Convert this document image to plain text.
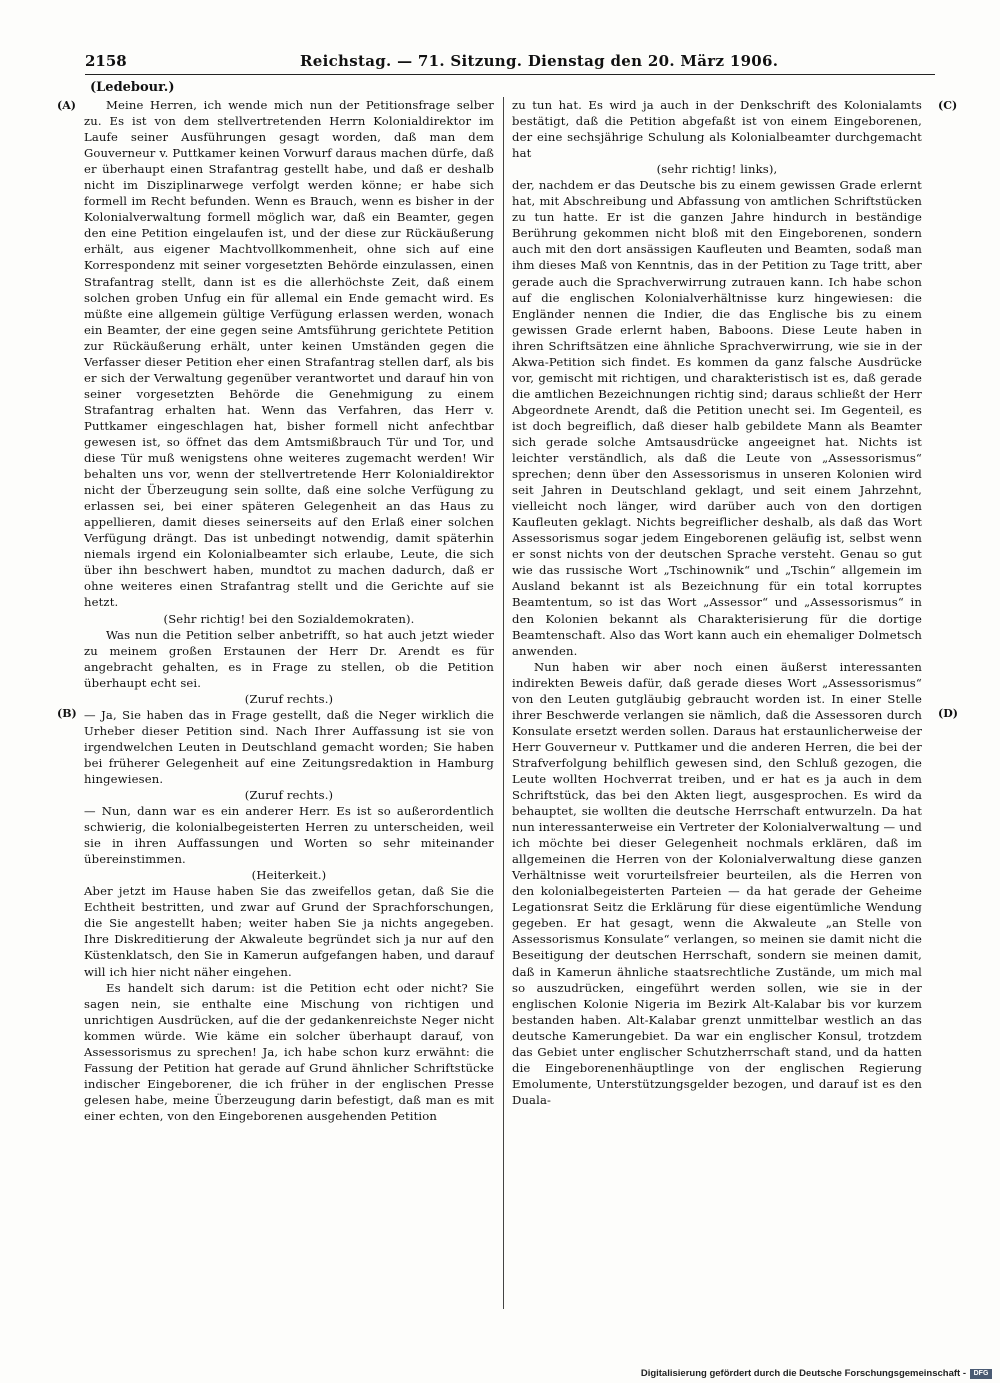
2158	Reichstag. — 71. Sitzung. Dienstag den 20. März 1906.
(Ledebour.)
(A)
(B)
(C)
(D)

Meine Herren, ich wende mich nun der Petitionsfrage selber zu. Es ist von dem stellvertretenden Herrn Kolonialdirektor im Laufe seiner Ausführungen gesagt worden, daß man dem Gouverneur v. Puttkamer keinen Vorwurf daraus machen dürfe, daß er überhaupt einen Strafantrag gestellt habe, und daß er deshalb nicht im Disziplinarwege verfolgt werden könne; er habe sich formell im Recht befunden. Wenn es Brauch, wenn es bisher in der Kolonialverwaltung formell möglich war, daß ein Beamter, gegen den eine Petition eingelaufen ist, und der diese zur Rückäußerung erhält, aus eigener Machtvollkommenheit, ohne sich auf eine Korrespondenz mit seiner vorgesetzten Behörde einzulassen, einen Strafantrag stellt, dann ist es die allerhöchste Zeit, daß einem solchen groben Unfug ein für allemal ein Ende gemacht wird. Es müßte eine allgemein gültige Verfügung erlassen werden, wonach ein Beamter, der eine gegen seine Amtsführung gerichtete Petition zur Rückäußerung erhält, unter keinen Umständen gegen die Verfasser dieser Petition eher einen Strafantrag stellen darf, als bis er sich der Verwaltung gegenüber verantwortet und darauf hin von seiner vorgesetzten Behörde die Genehmigung zu einem Strafantrag erhalten hat. Wenn das Verfahren, das Herr v. Puttkamer eingeschlagen hat, bisher formell nicht anfechtbar gewesen ist, so öffnet das dem Amtsmißbrauch Tür und Tor, und diese Tür muß wenigstens ohne weiteres zugemacht werden! Wir behalten uns vor, wenn der stellvertretende Herr Kolonialdirektor nicht der Überzeugung sein sollte, daß eine solche Verfügung zu erlassen sei, bei einer späteren Gelegenheit an das Haus zu appellieren, damit dieses seinerseits auf den Erlaß einer solchen Verfügung drängt. Das ist unbedingt notwendig, damit späterhin niemals irgend ein Kolonialbeamter sich erlaube, Leute, die sich über ihn beschwert haben, mundtot zu machen dadurch, daß er ohne weiteres einen Strafantrag stellt und die Gerichte auf sie hetzt.

(Sehr richtig! bei den Sozialdemokraten).

Was nun die Petition selber anbetrifft, so hat auch jetzt wieder zu meinem großen Erstaunen der Herr Dr. Arendt es für angebracht gehalten, es in Frage zu stellen, ob die Petition überhaupt echt sei.

(Zuruf rechts.)

— Ja, Sie haben das in Frage gestellt, daß die Neger wirklich die Urheber dieser Petition sind. Nach Ihrer Auffassung ist sie von irgendwelchen Leuten in Deutschland gemacht worden; Sie haben bei früherer Gelegenheit auf eine Zeitungsredaktion in Hamburg hingewiesen.

(Zuruf rechts.)

— Nun, dann war es ein anderer Herr. Es ist so außerordentlich schwierig, die kolonialbegeisterten Herren zu unterscheiden, weil sie in ihren Auffassungen und Worten so sehr miteinander übereinstimmen.

(Heiterkeit.)

Aber jetzt im Hause haben Sie das zweifellos getan, daß Sie die Echtheit bestritten, und zwar auf Grund der Sprachforschungen, die Sie angestellt haben; weiter haben Sie ja nichts angegeben. Ihre Diskreditierung der Akwaleute begründet sich ja nur auf den Küstenklatsch, den Sie in Kamerun aufgefangen haben, und darauf will ich hier nicht näher eingehen.

Es handelt sich darum: ist die Petition echt oder nicht? Sie sagen nein, sie enthalte eine Mischung von richtigen und unrichtigen Ausdrücken, auf die der gedankenreichste Neger nicht kommen würde. Wie käme ein solcher überhaupt darauf, von Assessorismus zu sprechen! Ja, ich habe schon kurz erwähnt: die Fassung der Petition hat gerade auf Grund ähnlicher Schriftstücke indischer Eingeborener, die ich früher in der englischen Presse gelesen habe, meine Überzeugung darin befestigt, daß man es mit einer echten, von den Eingeborenen ausgehenden Petition

zu tun hat. Es wird ja auch in der Denkschrift des Kolonialamts bestätigt, daß die Petition abgefaßt ist von einem Eingeborenen, der eine sechsjährige Schulung als Kolonialbeamter durchgemacht hat

(sehr richtig! links),

der, nachdem er das Deutsche bis zu einem gewissen Grade erlernt hat, mit Abschreibung und Abfassung von amtlichen Schriftstücken zu tun hatte. Er ist die ganzen Jahre hindurch in beständige Berührung gekommen nicht bloß mit den Eingeborenen, sondern auch mit den dort ansässigen Kaufleuten und Beamten, sodaß man ihm dieses Maß von Kenntnis, das in der Petition zu Tage tritt, aber gerade auch die Sprachverwirrung zutrauen kann. Ich habe schon auf die englischen Kolonialverhältnisse kurz hingewiesen: die Engländer nennen die Indier, die das Englische bis zu einem gewissen Grade erlernt haben, Baboons. Diese Leute haben in ihren Schriftsätzen eine ähnliche Sprachverwirrung, wie sie in der Akwa-Petition sich findet. Es kommen da ganz falsche Ausdrücke vor, gemischt mit richtigen, und charakteristisch ist es, daß gerade die amtlichen Bezeichnungen richtig sind; daraus schließt der Herr Abgeordnete Arendt, daß die Petition unecht sei. Im Gegenteil, es ist doch begreiflich, daß dieser halb gebildete Mann als Beamter sich gerade solche Amtsausdrücke angeeignet hat. Nichts ist leichter verständlich, als daß die Leute von „Assessorismus“ sprechen; denn über den Assessorismus in unseren Kolonien wird seit Jahren in Deutschland geklagt, und seit einem Jahrzehnt, vielleicht noch länger, wird darüber auch von den dortigen Kaufleuten geklagt. Nichts begreiflicher deshalb, als daß das Wort Assessorismus sogar jedem Eingeborenen geläufig ist, selbst wenn er sonst nichts von der deutschen Sprache versteht. Genau so gut wie das russische Wort „Tschinownik“ und „Tschin“ allgemein im Ausland bekannt ist als Bezeichnung für ein total korruptes Beamtentum, so ist das Wort „Assessor“ und „Assessorismus“ in den Kolonien bekannt als Charakterisierung für die dortige Beamtenschaft. Also das Wort kann auch ein ehemaliger Dolmetsch anwenden.

Nun haben wir aber noch einen äußerst interessanten indirekten Beweis dafür, daß gerade dieses Wort „Assessorismus“ von den Leuten gutgläubig gebraucht worden ist. In einer Stelle ihrer Beschwerde verlangen sie nämlich, daß die Assessoren durch Konsulate ersetzt werden sollen. Daraus hat erstaunlicherweise der Herr Gouverneur v. Puttkamer und die anderen Herren, die bei der Strafverfolgung behilflich gewesen sind, den Schluß gezogen, die Leute wollten Hochverrat treiben, und er hat es ja auch in dem Schriftstück, das bei den Akten liegt, ausgesprochen. Es wird da behauptet, sie wollten die deutsche Herrschaft entwurzeln. Da hat nun interessanterweise ein Vertreter der Kolonialverwaltung — und ich möchte bei dieser Gelegenheit nochmals erklären, daß im allgemeinen die Herren von der Kolonialverwaltung diese ganzen Verhältnisse weit vorurteilsfreier beurteilen, als die Herren von den kolonialbegeisterten Parteien — da hat gerade der Geheime Legationsrat Seitz die Erklärung für diese eigentümliche Wendung gegeben. Er hat gesagt, wenn die Akwaleute „an Stelle von Assessorismus Konsulate“ verlangen, so meinen sie damit nicht die Beseitigung der deutschen Herrschaft, sondern sie meinen damit, daß in Kamerun ähnliche staatsrechtliche Zustände, um mich mal so auszudrücken, eingeführt werden sollen, wie sie in der englischen Kolonie Nigeria im Bezirk Alt-Kalabar bis vor kurzem bestanden haben. Alt-Kalabar grenzt unmittelbar westlich an das deutsche Kamerungebiet. Da war ein englischer Konsul, trotzdem das Gebiet unter englischer Schutzherrschaft stand, und da hatten die Eingeborenenhäuptlinge von der englischen Regierung Emolumente, Unterstützungsgelder bezogen, und darauf ist es den Duala-

Digitalisierung gefördert durch die Deutsche Forschungsgemeinschaft -	DFG
